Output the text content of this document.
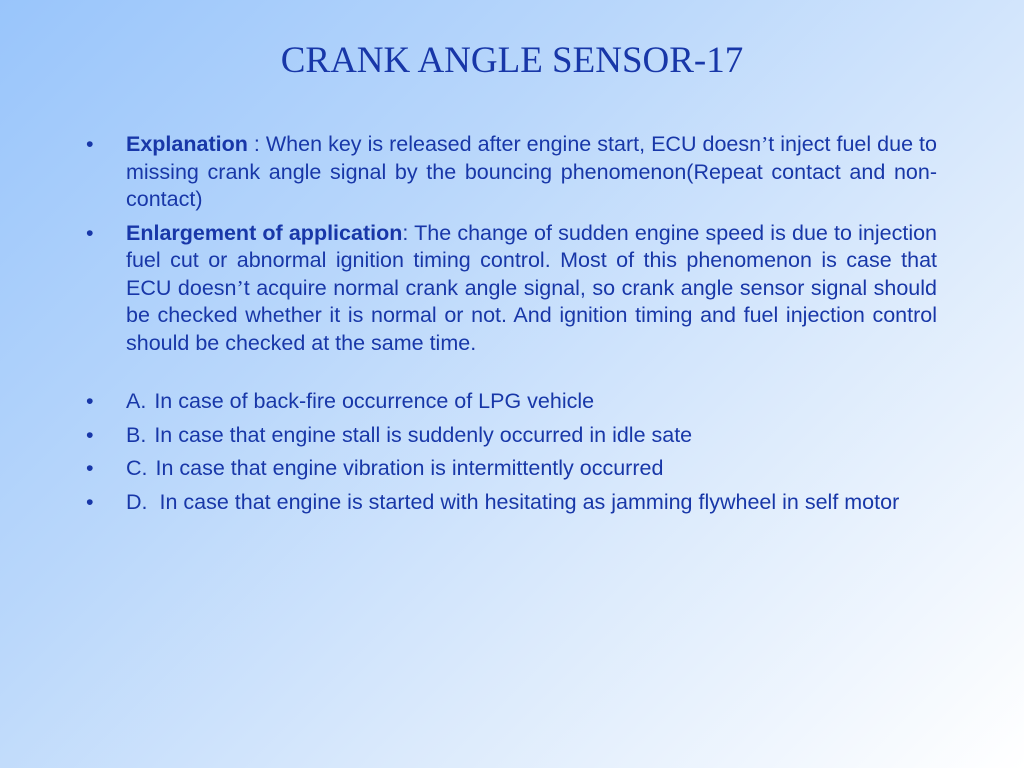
CRANK ANGLE SENSOR-17
• Explanation : When key is released after engine start, ECU doesn’t inject fuel due to missing crank angle signal by the bouncing phenomenon(Repeat contact and non-contact)
• Enlargement of application: The change of sudden engine speed is due to injection fuel cut or abnormal ignition timing control. Most of this phenomenon is case that ECU doesn’t acquire normal crank angle signal, so crank angle sensor signal should be checked whether it is normal or not. And ignition timing and fuel injection control should be checked at the same time.
• A. In case of back-fire occurrence of LPG vehicle
• B. In case that engine stall is suddenly occurred in idle sate
• C. In case that engine vibration is intermittently occurred
• D. In case that engine is started with hesitating as jamming flywheel in self motor
